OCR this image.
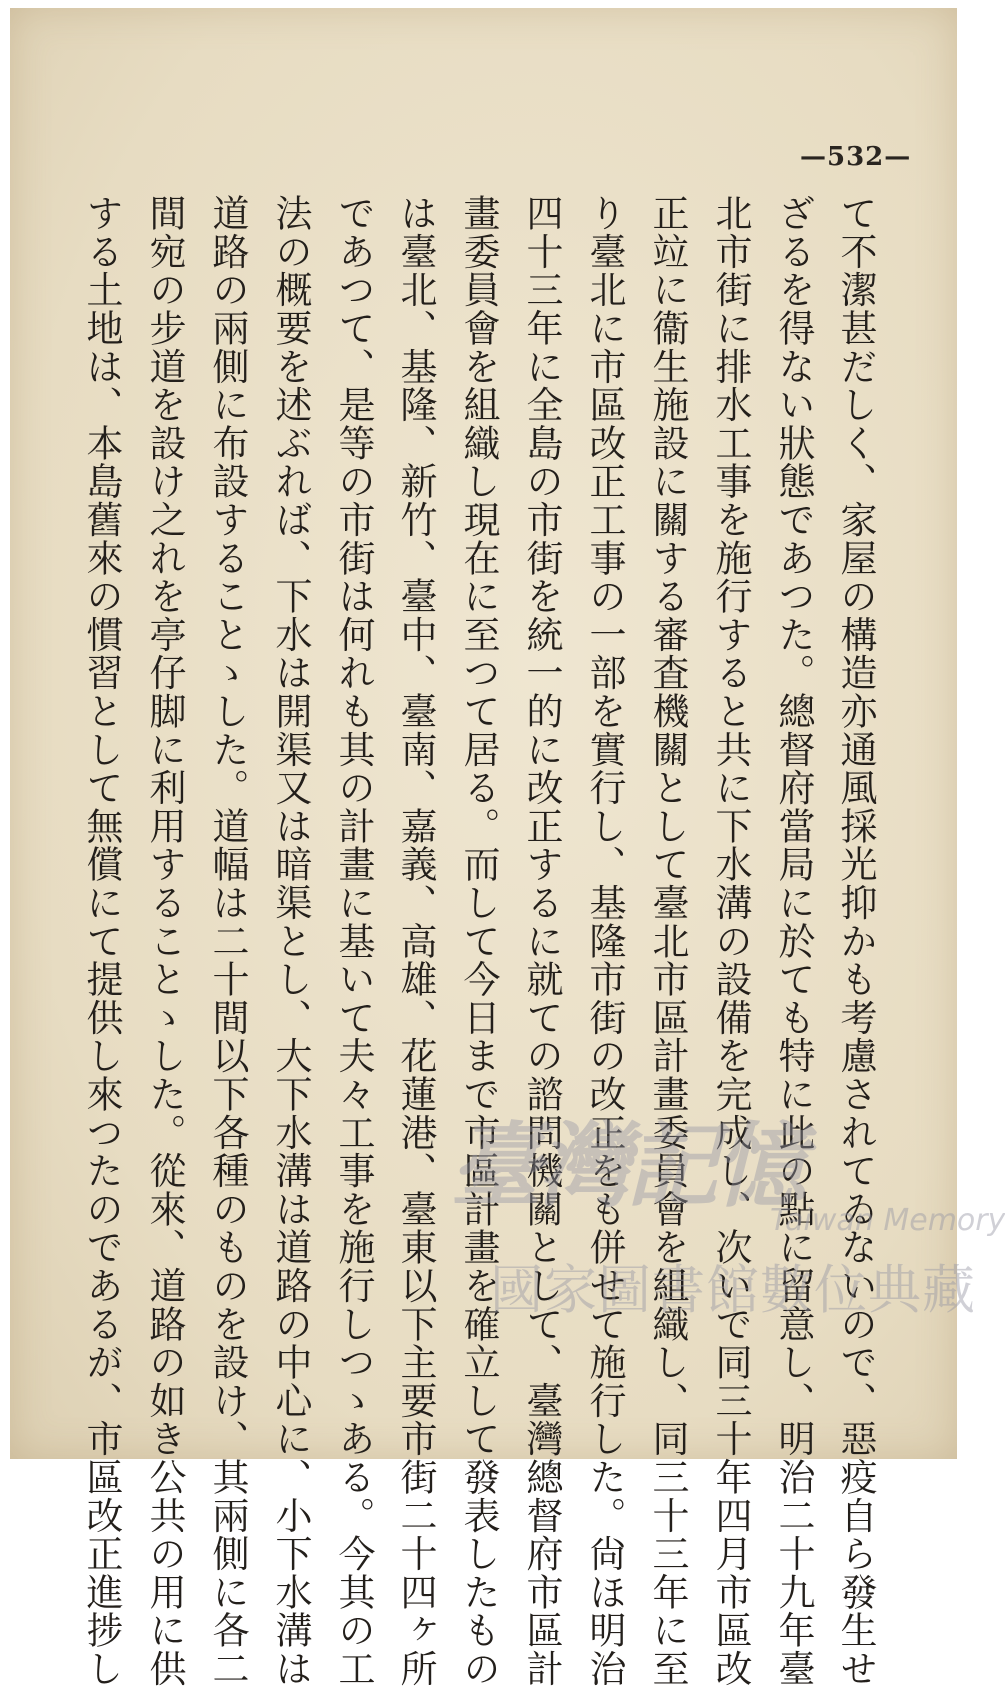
—532—
て不潔甚だしく、家屋の構造亦通風採光抑かも考慮されてゐないので、惡疫自ら發生せ
ざるを得ない狀態であつた。總督府當局に於ても特に此の點に留意し、明治二十九年臺
北市街に排水工事を施行すると共に下水溝の設備を完成し、次いで同三十年四月市區改
正竝に衞生施設に關する審査機關として臺北市區計畫委員會を組織し、同三十三年に至
り臺北に市區改正工事の一部を實行し、基隆市街の改正をも併せて施行した。尙ほ明治
四十三年に全島の市街を統一的に改正するに就ての諮問機關として、臺灣總督府市區計
畫委員會を組織し現在に至つて居る。而して今日まで市區計畫を確立して發表したもの
は臺北、基隆、新竹、臺中、臺南、嘉義、高雄、花蓮港、臺東以下主要市街二十四ヶ所
であつて、是等の市街は何れも其の計畫に基いて夫々工事を施行しつゝある。今其の工
法の概要を述ぶれば、下水は開渠又は暗渠とし、大下水溝は道路の中心に、小下水溝は
道路の兩側に布設することゝした。道幅は二十間以下各種のものを設け、其兩側に各二
間宛の步道を設け之れを亭仔脚に利用することゝした。從來、道路の如き公共の用に供
する土地は、本島舊來の慣習として無償にて提供し來つたのであるが、市區改正進捗し	臺灣記憶
Taiwan Memory
國家圖書館數位典藏
